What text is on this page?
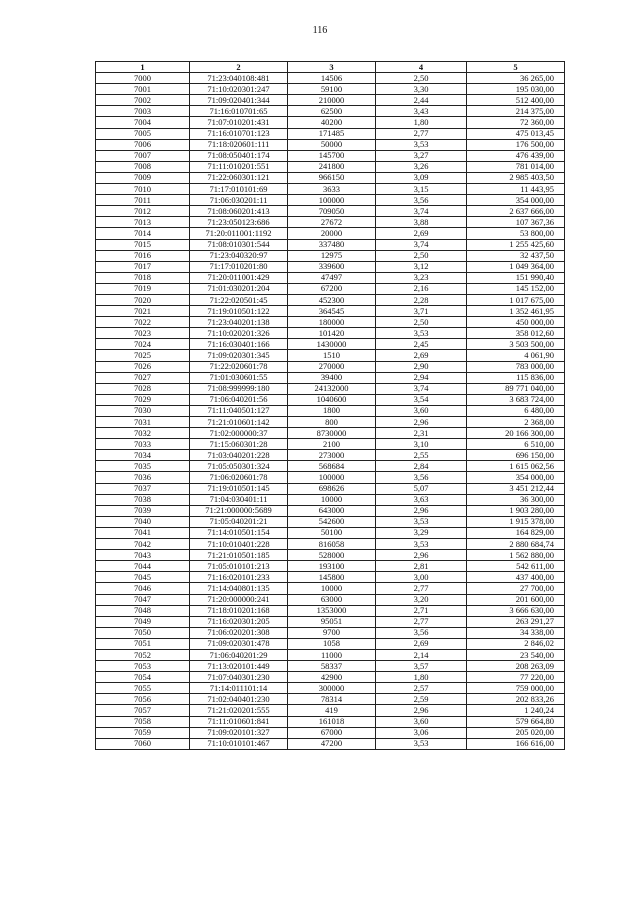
116
1	2	3	4	5
7000	71:23:040108:481	14506	2,50	36 265,00
7001	71:10:020301:247	59100	3,30	195 030,00
7002	71:09:020401:344	210000	2,44	512 400,00
7003	71:16:010701:65	62500	3,43	214 375,00
7004	71:07:010201:431	40200	1,80	72 360,00
7005	71:16:010701:123	171485	2,77	475 013,45
7006	71:18:020601:111	50000	3,53	176 500,00
7007	71:08:050401:174	145700	3,27	476 439,00
7008	71:11:010201:551	241800	3,26	781 014,00
7009	71:22:060301:121	966150	3,09	2 985 403,50
7010	71:17:010101:69	3633	3,15	11 443,95
7011	71:06:030201:11	100000	3,56	354 000,00
7012	71:08:060201:413	709050	3,74	2 637 666,00
7013	71:23:050123:686	27672	3,88	107 367,36
7014	71:20:011001:1192	20000	2,69	53 800,00
7015	71:08:010301:544	337480	3,74	1 255 425,60
7016	71:23:040320:97	12975	2,50	32 437,50
7017	71:17:010201:80	339600	3,12	1 049 364,00
7018	71:20:011001:429	47497	3,23	151 990,40
7019	71:01:030201:204	67200	2,16	145 152,00
7020	71:22:020501:45	452300	2,28	1 017 675,00
7021	71:19:010501:122	364545	3,71	1 352 461,95
7022	71:23:040201:138	180000	2,50	450 000,00
7023	71:10:020201:326	101420	3,53	358 012,60
7024	71:16:030401:166	1430000	2,45	3 503 500,00
7025	71:09:020301:345	1510	2,69	4 061,90
7026	71:22:020601:78	270000	2,90	783 000,00
7027	71:01:030601:55	39400	2,94	115 836,00
7028	71:08:999999:180	24132000	3,74	89 771 040,00
7029	71:06:040201:56	1040600	3,54	3 683 724,00
7030	71:11:040501:127	1800	3,60	6 480,00
7031	71:21:010601:142	800	2,96	2 368,00
7032	71:02:000000:37	8730000	2,31	20 166 300,00
7033	71:15:060301:28	2100	3,10	6 510,00
7034	71:03:040201:228	273000	2,55	696 150,00
7035	71:05:050301:324	568684	2,84	1 615 062,56
7036	71:06:020601:78	100000	3,56	354 000,00
7037	71:19:010501:145	698626	5,07	3 451 212,44
7038	71:04:030401:11	10000	3,63	36 300,00
7039	71:21:000000:5689	643000	2,96	1 903 280,00
7040	71:05:040201:21	542600	3,53	1 915 378,00
7041	71:14:010501:154	50100	3,29	164 829,00
7042	71:10:010401:228	816058	3,53	2 880 684,74
7043	71:21:010501:185	528000	2,96	1 562 880,00
7044	71:05:010101:213	193100	2,81	542 611,00
7045	71:16:020101:233	145800	3,00	437 400,00
7046	71:14:040801:135	10000	2,77	27 700,00
7047	71:20:000000:241	63000	3,20	201 600,00
7048	71:18:010201:168	1353000	2,71	3 666 630,00
7049	71:16:020301:205	95051	2,77	263 291,27
7050	71:06:020201:308	9700	3,56	34 338,00
7051	71:09:020301:478	1058	2,69	2 846,02
7052	71:06:040201:29	11000	2,14	23 540,00
7053	71:13:020101:449	58337	3,57	208 263,09
7054	71:07:040301:230	42900	1,80	77 220,00
7055	71:14:011101:14	300000	2,57	759 000,00
7056	71:02:040401:230	78314	2,59	202 833,26
7057	71:21:020201:555	419	2,96	1 240,24
7058	71:11:010601:841	161018	3,60	579 664,80
7059	71:09:020101:327	67000	3,06	205 020,00
7060	71:10:010101:467	47200	3,53	166 616,00
